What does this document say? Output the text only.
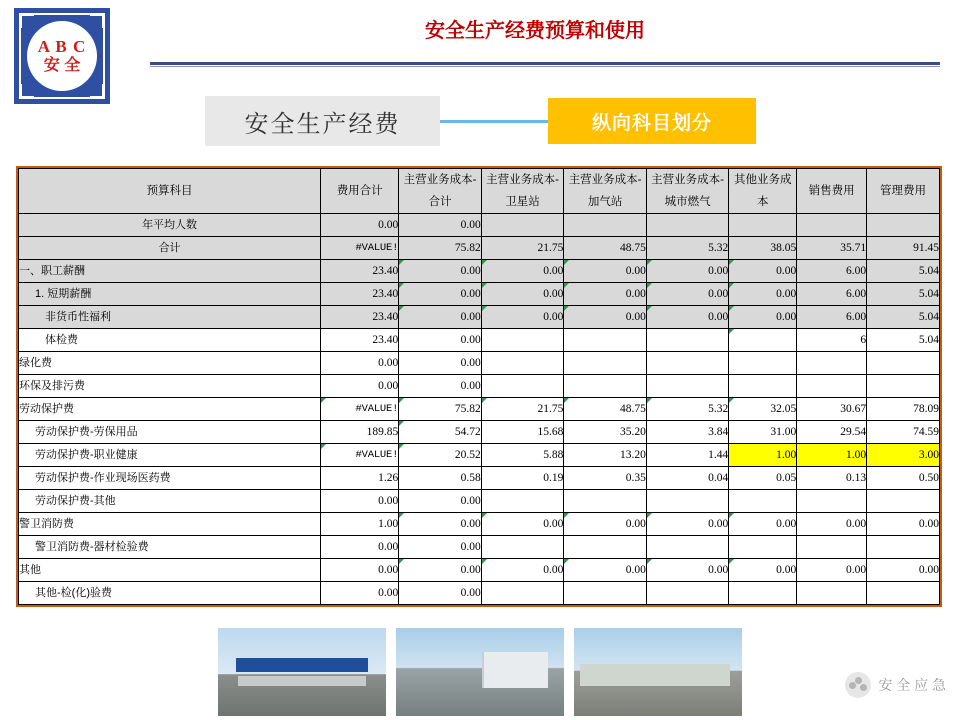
A B C
安 全
安全生产经费预算和使用
安全生产经费	纵向科目划分
预算科目	费用合计	主营业务成本-合计	主营业务成本-卫星站	主营业务成本-加气站	主营业务成本-城市燃气	其他业务成本	销售费用	管理费用
年平均人数	0.00	0.00						
合计	#VALUE!	75.82	21.75	48.75	5.32	38.05	35.71	91.45
一、职工薪酬	23.40	0.00	0.00	0.00	0.00	0.00	6.00	5.04
1. 短期薪酬	23.40	0.00	0.00	0.00	0.00	0.00	6.00	5.04
非货币性福利	23.40	0.00	0.00	0.00	0.00	0.00	6.00	5.04
体检费	23.40	0.00					6	5.04
绿化费	0.00	0.00						
环保及排污费	0.00	0.00						
劳动保护费	#VALUE!	75.82	21.75	48.75	5.32	32.05	30.67	78.09
劳动保护费-劳保用品	189.85	54.72	15.68	35.20	3.84	31.00	29.54	74.59
劳动保护费-职业健康	#VALUE!	20.52	5.88	13.20	1.44	1.00	1.00	3.00
劳动保护费-作业现场医药费	1.26	0.58	0.19	0.35	0.04	0.05	0.13	0.50
劳动保护费-其他	0.00	0.00						
警卫消防费	1.00	0.00	0.00	0.00	0.00	0.00	0.00	0.00
警卫消防费-器材检验费	0.00	0.00						
其他	0.00	0.00	0.00	0.00	0.00	0.00	0.00	0.00
其他-检(化)验费	0.00	0.00						
安 全 应 急
